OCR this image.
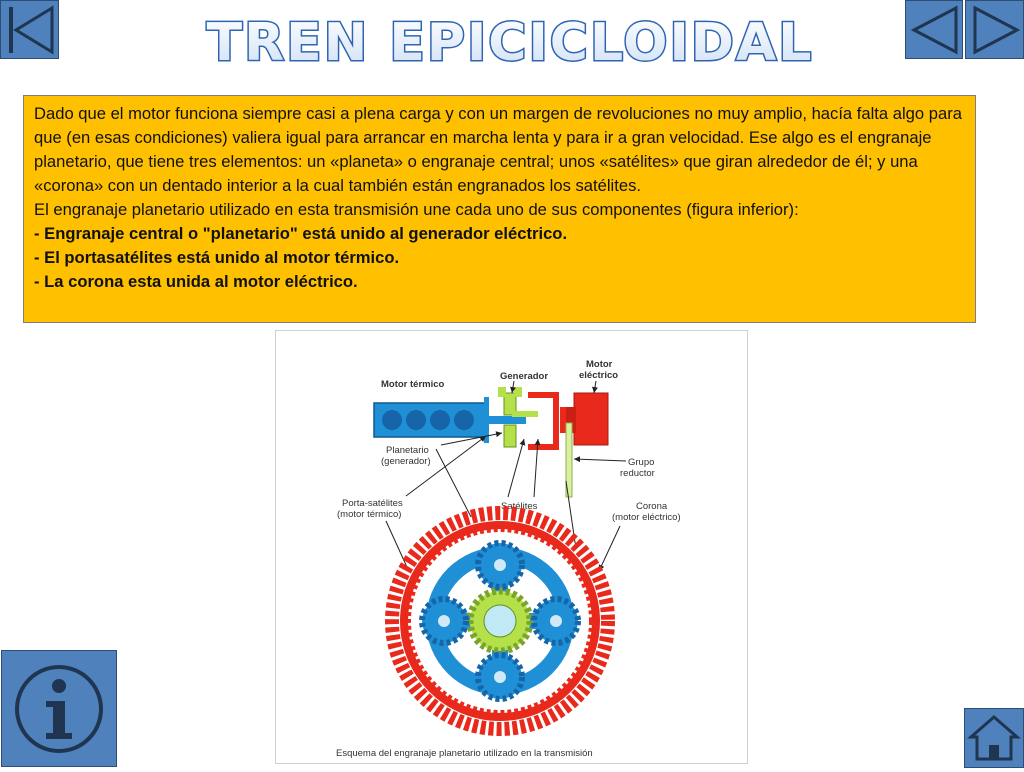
TREN EPICICLOIDAL

Dado que el motor funciona siempre casi a plena carga y con un margen de revoluciones no muy amplio, hacía falta algo para que (en esas condiciones) valiera igual para arrancar en marcha lenta y para ir a gran velocidad. Ese algo es el engranaje planetario, que tiene tres elementos: un «planeta» o engranaje central; unos «satélites» que giran alrededor de él; y una «corona» con un dentado interior a la cual también están engranados los satélites.

El engranaje planetario utilizado en esta transmisión une cada uno de sus componentes (figura inferior):

- Engranaje central o "planetario" está unido al generador eléctrico.

- El portasatélites está unido al motor térmico.

- La corona esta unida al motor eléctrico.

Motor térmico
Generador
Motor
eléctrico
Planetario
(generador)	Grupo
reductor
Porta-satélites
(motor térmico)
Satélites	Corona
(motor eléctrico)
Esquema del engranaje planetario utilizado en la transmisión
